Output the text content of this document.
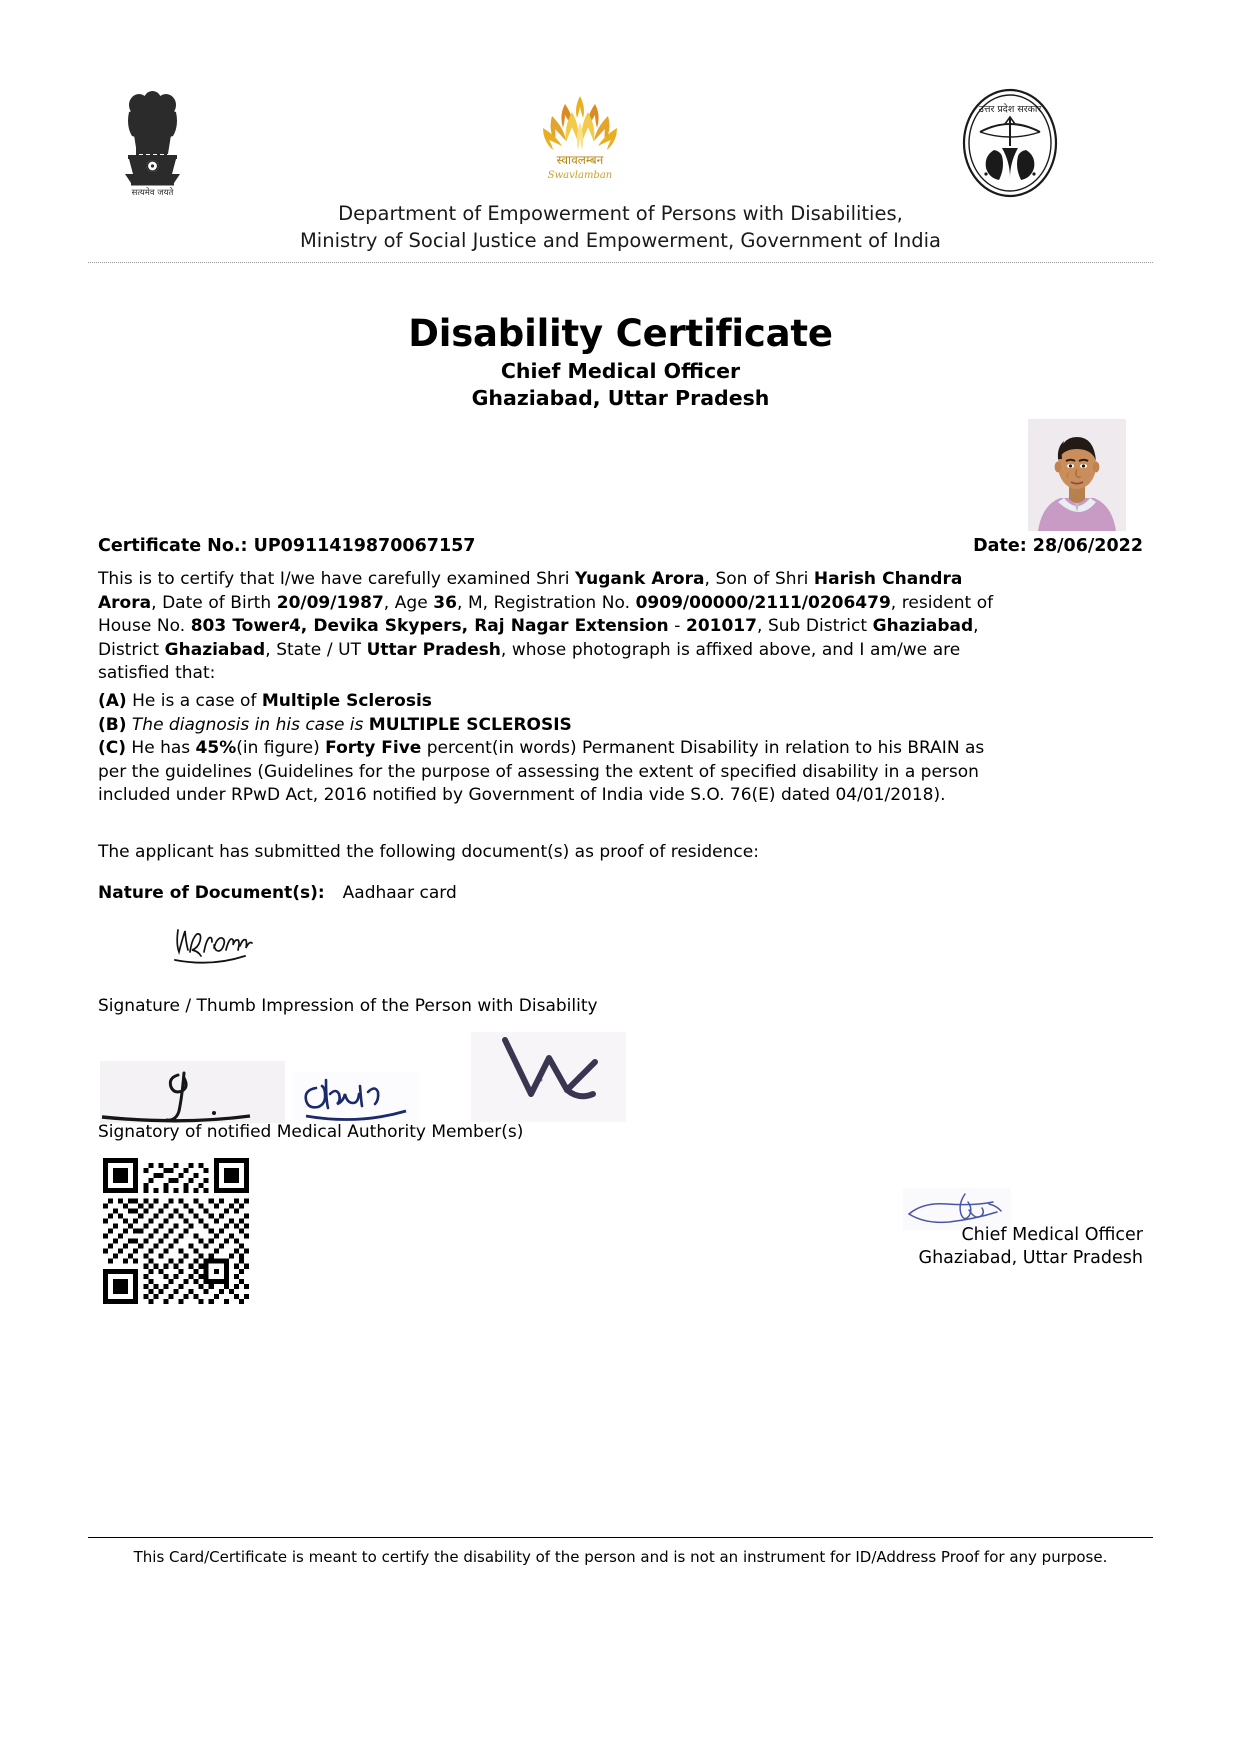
सत्यमेव जयते
स्वावलम्बन
Swavlamban
उत्तर प्रदेश सरकार
Department of Empowerment of Persons with Disabilities,
Ministry of Social Justice and Empowerment, Government of India
Disability Certificate
Chief Medical Officer
Ghaziabad, Uttar Pradesh
Certificate No.: UP0911419870067157	Date: 28/06/2022
This is to certify that I/we have carefully examined Shri Yugank Arora, Son of Shri Harish Chandra Arora, Date of Birth 20/09/1987, Age 36, M, Registration No. 0909/00000/2111/0206479, resident of House No. 803 Tower4, Devika Skypers, Raj Nagar Extension - 201017, Sub District Ghaziabad, District Ghaziabad, State / UT Uttar Pradesh, whose photograph is affixed above, and I am/we are satisfied that:
(A) He is a case of Multiple Sclerosis
(B) The diagnosis in his case is MULTIPLE SCLEROSIS
(C) He has 45%(in figure) Forty Five percent(in words) Permanent Disability in relation to his BRAIN as per the guidelines (Guidelines for the purpose of assessing the extent of specified disability in a person included under RPwD Act, 2016 notified by Government of India vide S.O. 76(E) dated 04/01/2018).
The applicant has submitted the following document(s) as proof of residence:
Nature of Document(s): Aadhaar card
Signature / Thumb Impression of the Person with Disability
Signatory of notified Medical Authority Member(s)
Chief Medical Officer
Ghaziabad, Uttar Pradesh
This Card/Certificate is meant to certify the disability of the person and is not an instrument for ID/Address Proof for any purpose.
